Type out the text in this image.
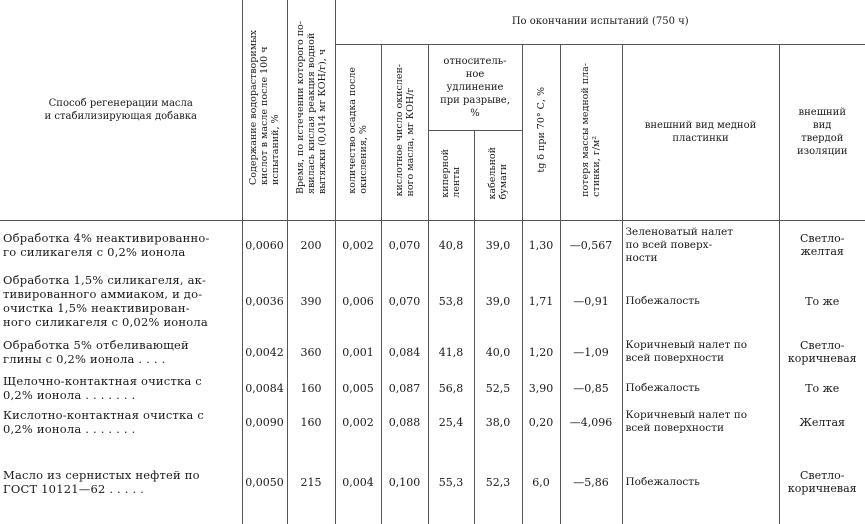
Способ регенерации масла
и стабилизирующая добавка	Содержание водорастворимых
кислот в масле после 100 ч
испытаний, %	Время, по истечении которого по-
явилась кислая реакция водной
вытяжки (0,014 мг КОН/г), ч	По окончании испытаний (750 ч)							
			количество осадка после
окисления, %	кислотное число окислен-
ного масла, мг КОН/г	относитель-
ное
удлинение
при разрыве,
%		tg δ при 70° С, %	потеря массы медной пла-
стинки, г/м²	внешний вид медной
пластинки	внешний
вид
твердой
изоляции
					киперной
ленты	кабельной
бумаги				
Обработка 4% неактивированно-
го силикагеля с 0,2% ионола	0,0060	200	0,002	0,070	40,8	39,0	1,30	—0,567	Зеленоватый налет
по всей поверх-
ности	Светло-
желтая
Обработка 1,5% силикагеля, ак-
тивированного аммиаком, и до-
очистка 1,5% неактивирован-
ного силикагеля с 0,02% ионола	0,0036	390	0,006	0,070	53,8	39,0	1,71	—0,91	Побежалость	То же
Обработка 5% отбеливающей
глины с 0,2% ионола . . . .	0,0042	360	0,001	0,084	41,8	40,0	1,20	—1,09	Коричневый налет по
всей поверхности	Светло-
коричневая
Щелочно-контактная очистка с
0,2% ионола . . . . . . .	0,0084	160	0,005	0,087	56,8	52,5	3,90	—0,85	Побежалость	То же
Кислотно-контактная очистка с
0,2% ионола . . . . . . .	0,0090	160	0,002	0,088	25,4	38,0	0,20	—4,096	Коричневый налет по
всей поверхности	Желтая
Масло из сернистых нефтей по
ГОСТ 10121—62 . . . . .	0,0050	215	0,004	0,100	55,3	52,3	6,0	—5,86	Побежалость	Светло-
коричневая
